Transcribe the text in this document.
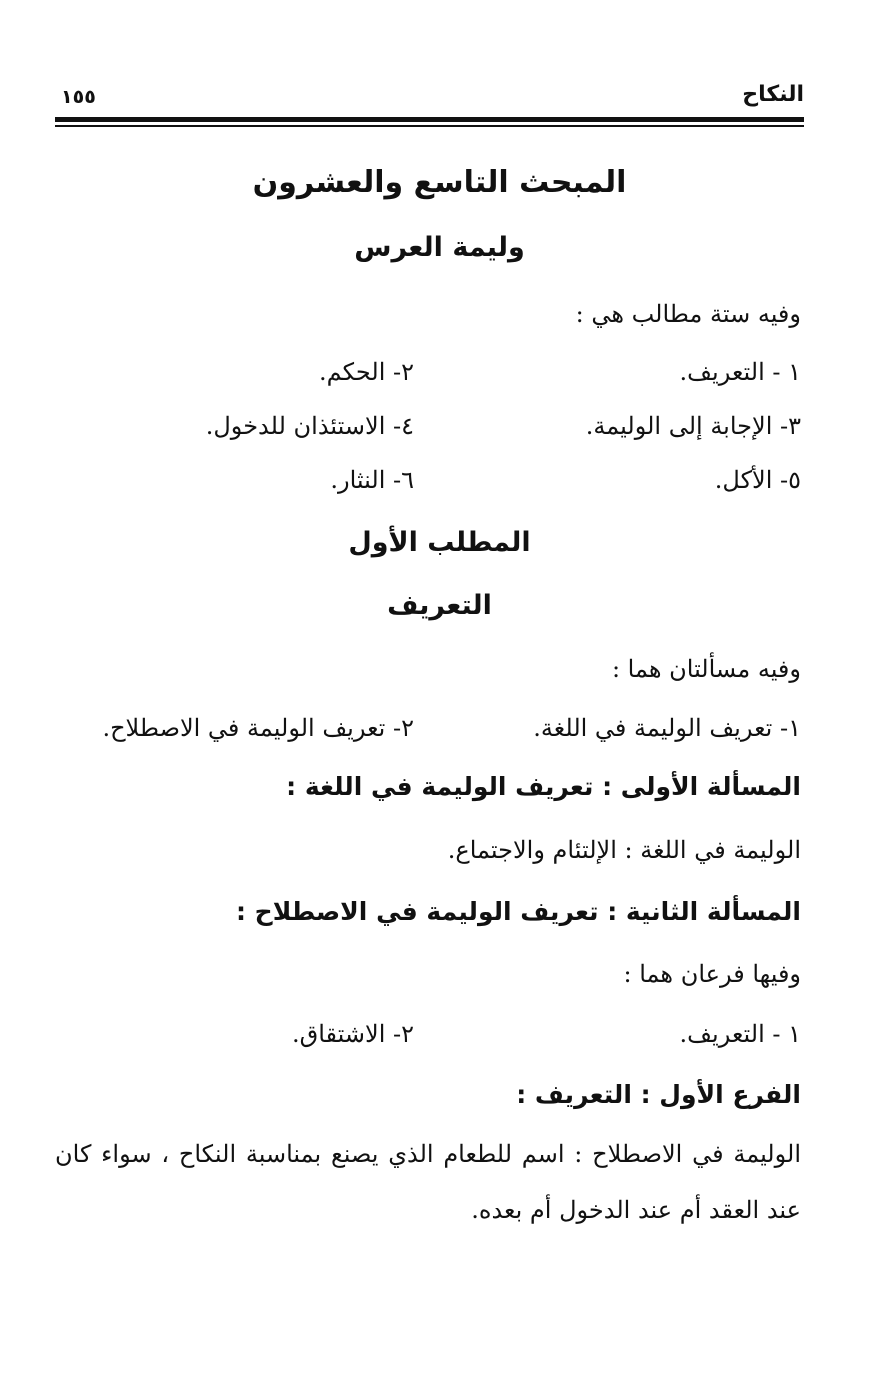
النكاح
١٥٥
المبحث التاسع والعشرون
وليمة العرس
وفيه ستة مطالب هي :
١ - التعريف.
٢- الحكم.
٣- الإجابة إلى الوليمة.
٤- الاستئذان للدخول.
٥- الأكل.
٦- النثار.
المطلب الأول
التعريف
وفيه مسألتان هما :
١- تعريف الوليمة في اللغة.
٢- تعريف الوليمة في الاصطلاح.
المسألة الأولى : تعريف الوليمة في اللغة :
الوليمة في اللغة : الإلتئام والاجتماع.
المسألة الثانية : تعريف الوليمة في الاصطلاح :
وفيها فرعان هما :
١ - التعريف.
٢- الاشتقاق.
الفرع الأول : التعريف :
الوليمة في الاصطلاح : اسم للطعام الذي يصنع بمناسبة النكاح ، سواء كان
عند العقد أم عند الدخول أم بعده.
